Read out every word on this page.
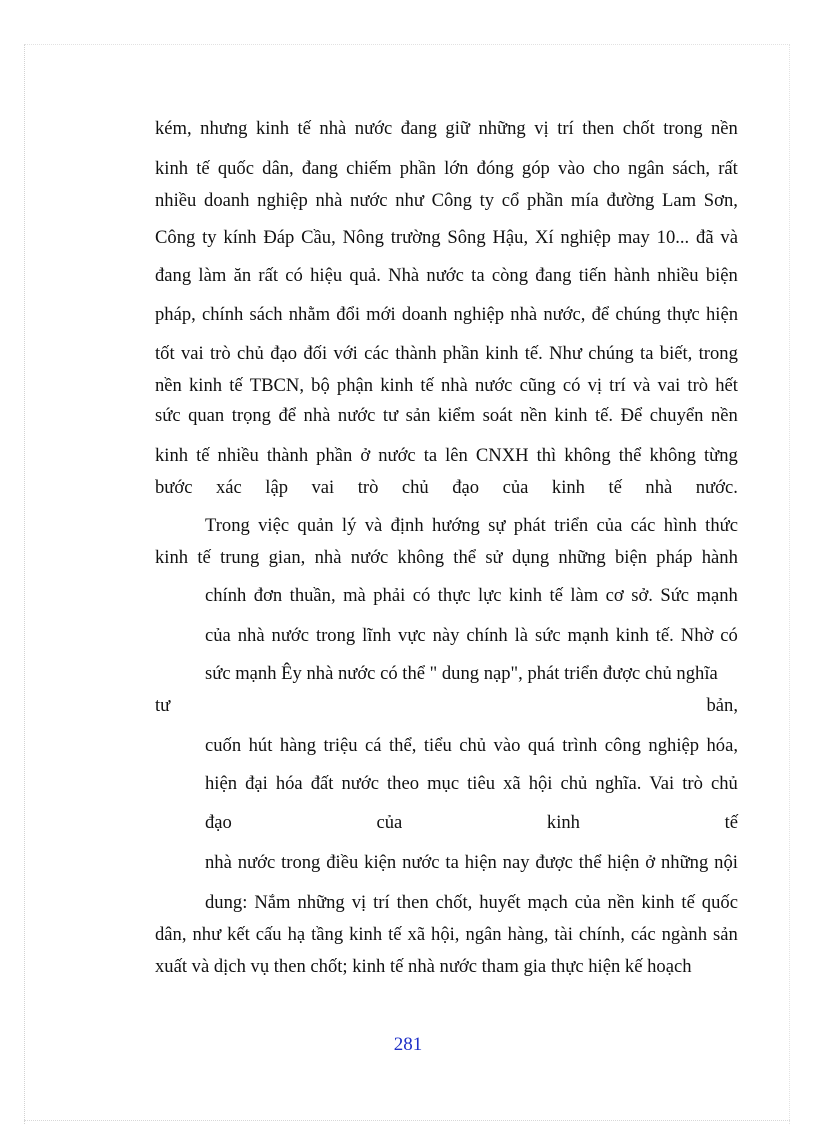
kém, nhưng kinh tế nhà nước đang giữ những vị trí then chốt trong nền
kinh tế quốc dân, đang chiếm phần lớn đóng góp vào cho ngân sách, rất
nhiều doanh nghiệp nhà nước như Công ty cổ phần mía đường Lam Sơn,
Công ty kính Đáp Cầu, Nông trường Sông Hậu, Xí nghiệp may 10... đã và
đang làm ăn rất có hiệu quả. Nhà nước ta còng đang tiến hành nhiều biện
pháp, chính sách nhằm đổi mới doanh nghiệp nhà nước, để chúng thực hiện
tốt vai trò chủ đạo đối với các thành phần kinh tế. Như chúng ta biết, trong
nền kinh tế TBCN, bộ phận kinh tế nhà nước cũng có vị trí và vai trò hết
sức quan trọng để nhà nước tư sản kiểm soát nền kinh tế. Để chuyển nền
kinh tế nhiều thành phần ở nước ta lên CNXH thì không thể không từng
bước xác lập vai trò chủ đạo của kinh tế nhà nước.
Trong việc quản lý và định hướng sự phát triển của các hình thức
kinh tế trung gian, nhà nước không thể sử dụng những biện pháp hành
chính đơn thuần, mà phải có thực lực kinh tế làm cơ sở. Sức mạnh
của nhà nước trong lĩnh vực này chính là sức mạnh kinh tế. Nhờ có
sức mạnh Êy nhà nước có thể " dung nạp", phát triển được chủ nghĩa
tư	bản,
cuốn hút hàng triệu cá thể, tiểu chủ vào quá trình công nghiệp hóa,
hiện đại hóa đất nước theo mục tiêu xã hội chủ nghĩa. Vai trò chủ
đạo	của	kinh	tế
nhà nước trong điều kiện nước ta hiện nay được thể hiện ở những nội
dung: Nắm những vị trí then chốt, huyết mạch của nền kinh tế quốc
dân, như kết cấu hạ tầng kinh tế xã hội, ngân hàng, tài chính, các ngành sản
xuất và dịch vụ then chốt; kinh tế nhà nước tham gia thực hiện kế hoạch
281
